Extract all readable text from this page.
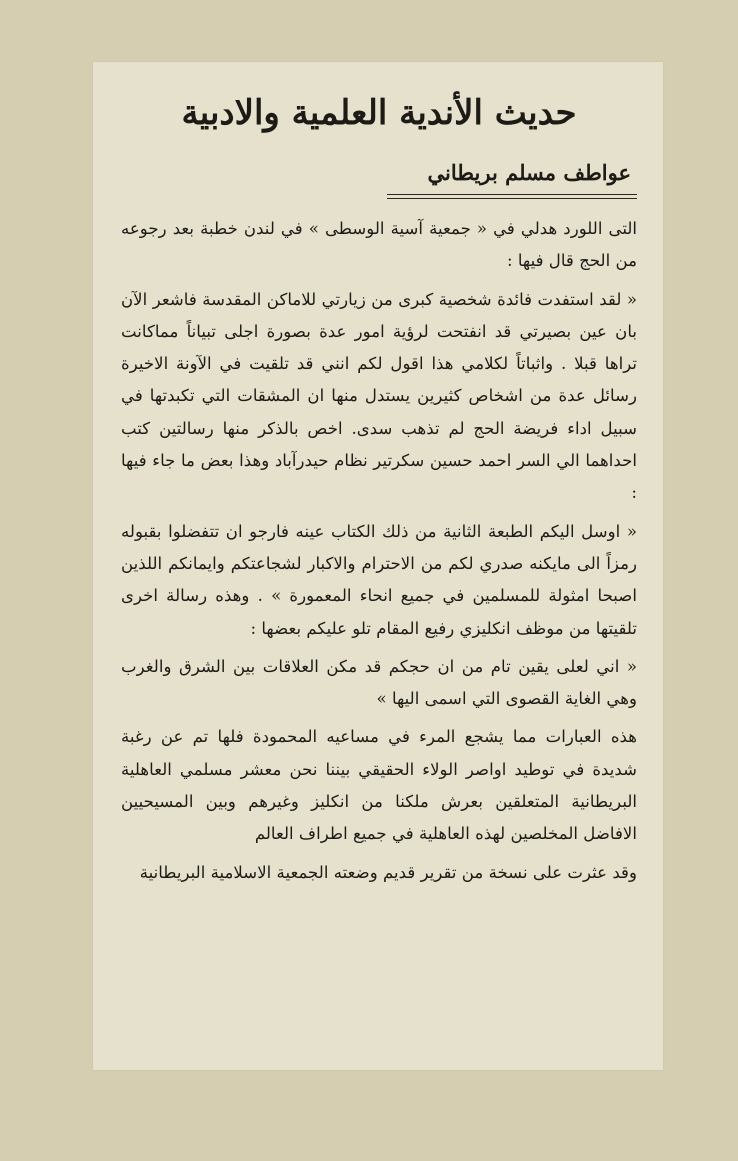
حديث الأندية العلمية والادبية
عواطف مسلم بريطاني

التى اللورد هدلي في « جمعية آسية الوسطى » في لندن خطبة بعد رجوعه من الحج قال فيها :

« لقد استفدت فائدة شخصية كبرى من زيارتي للاماكن المقدسة فاشعر الآن بان عين بصيرتي قد انفتحت لرؤية امور عدة بصورة اجلى تبياناً مماكانت تراها قبلا . واثباتاً لكلامي هذا اقول لكم انني قد تلقيت في الآونة الاخيرة رسائل عدة من اشخاص كثيرين يستدل منها ان المشقات التي تكبدتها في سبيل اداء فريضة الحج لم تذهب سدى. اخص بالذكر منها رسالتين كتب احداهما الي السر احمد حسين سكرتير نظام حيدرآباد وهذا بعض ما جاء فيها :

« اوسل اليكم الطبعة الثانية من ذلك الكتاب عينه فارجو ان تتفضلوا بقبوله رمزاً الى مايكنه صدري لكم من الاحترام والاكبار لشجاعتكم وايمانكم اللذين اصبحا امثولة للمسلمين في جميع انحاء المعمورة » . وهذه رسالة اخرى تلقيتها من موظف انكليزي رفيع المقام تلو عليكم بعضها :

« اني لعلى يقين تام من ان حجكم قد مكن العلاقات بين الشرق والغرب وهي الغاية القصوى التي اسمى اليها »

هذه العبارات مما يشجع المرء في مساعيه المحمودة فلها تم عن رغبة شديدة في توطيد اواصر الولاء الحقيقي بيننا نحن معشر مسلمي العاهلية البريطانية المتعلقين بعرش ملكنا من انكليز وغيرهم وبين المسيحيين الافاضل المخلصين لهذه العاهلية في جميع اطراف العالم

وقد عثرت على نسخة من تقرير قديم وضعته الجمعية الاسلامية البريطانية
